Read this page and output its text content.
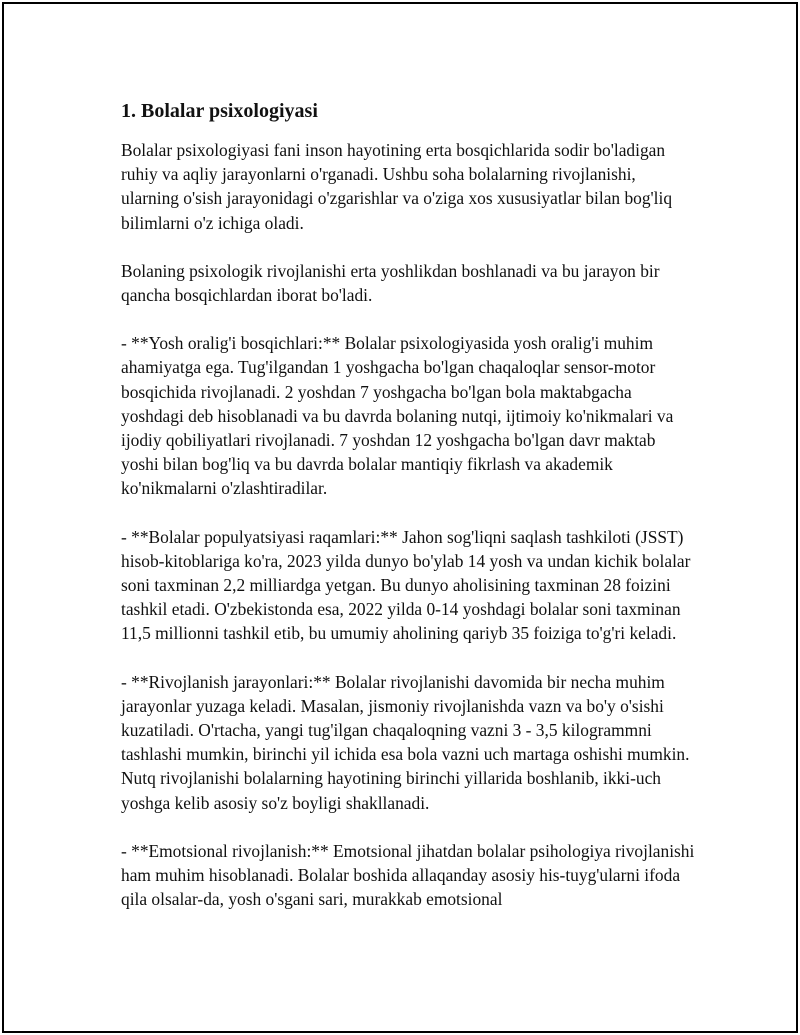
1. Bolalar psixologiyasi

Bolalar psixologiyasi fani inson hayotining erta bosqichlarida sodir bo'ladigan ruhiy va aqliy jarayonlarni o'rganadi. Ushbu soha bolalarning rivojlanishi, ularning o'sish jarayonidagi o'zgarishlar va o'ziga xos xususiyatlar bilan bog'liq bilimlarni o'z ichiga oladi.

Bolaning psixologik rivojlanishi erta yoshlikdan boshlanadi va bu jarayon bir qancha bosqichlardan iborat bo'ladi.

- **Yosh oralig'i bosqichlari:** Bolalar psixologiyasida yosh oralig'i muhim ahamiyatga ega. Tug'ilgandan 1 yoshgacha bo'lgan chaqaloqlar sensor-motor bosqichida rivojlanadi. 2 yoshdan 7 yoshgacha bo'lgan bola maktabgacha yoshdagi deb hisoblanadi va bu davrda bolaning nutqi, ijtimoiy ko'nikmalari va ijodiy qobiliyatlari rivojlanadi. 7 yoshdan 12 yoshgacha bo'lgan davr maktab yoshi bilan bog'liq va bu davrda bolalar mantiqiy fikrlash va akademik ko'nikmalarni o'zlashtiradilar.

- **Bolalar populyatsiyasi raqamlari:** Jahon sog'liqni saqlash tashkiloti (JSST) hisob-kitoblariga ko'ra, 2023 yilda dunyo bo'ylab 14 yosh va undan kichik bolalar soni taxminan 2,2 milliardga yetgan. Bu dunyo aholisining taxminan 28 foizini tashkil etadi. O'zbekistonda esa, 2022 yilda 0-14 yoshdagi bolalar soni taxminan 11,5 millionni tashkil etib, bu umumiy aholining qariyb 35 foiziga to'g'ri keladi.

- **Rivojlanish jarayonlari:** Bolalar rivojlanishi davomida bir necha muhim jarayonlar yuzaga keladi. Masalan, jismoniy rivojlanishda vazn va bo'y o'sishi kuzatiladi. O'rtacha, yangi tug'ilgan chaqaloqning vazni 3 - 3,5 kilogrammni tashlashi mumkin, birinchi yil ichida esa bola vazni uch martaga oshishi mumkin. Nutq rivojlanishi bolalarning hayotining birinchi yillarida boshlanib, ikki-uch yoshga kelib asosiy so'z boyligi shakllanadi.

- **Emotsional rivojlanish:** Emotsional jihatdan bolalar psihologiya rivojlanishi ham muhim hisoblanadi. Bolalar boshida allaqanday asosiy his-tuyg'ularni ifoda qila olsalar-da, yosh o'sgani sari, murakkab emotsional
